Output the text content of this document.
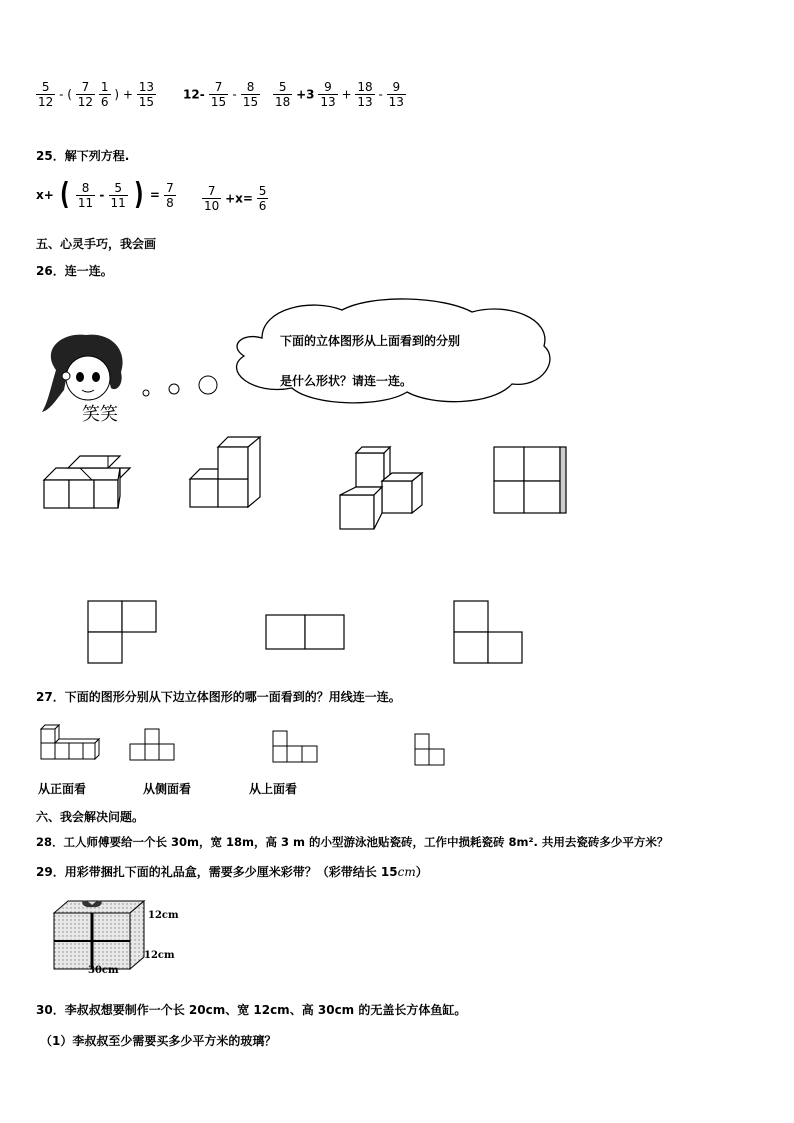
$\frac{5}{12}$ - ( $\frac{7}{12}$
$\frac{1}{6}$ ) + $\frac{13}{15} 12- \frac{7}{15} - \frac{8}{15} \frac{5}{18} +3 \frac{9}{13} + \frac{18}{13} - \frac{9}{13}$
25．解下列方程.
x+ ( $\frac{8}{11} - \frac{5}{11}$ ) = $\frac{7}{8} \frac{7}{10} +x= \frac{5}{6}$
五、心灵手巧，我会画
26．连一连。
笑笑
下面的立体图形从上面看到的分别
是什么形状？请连一连。
27．下面的图形分别从下边立体图形的哪一面看到的？用线连一连。
从正面看	从侧面看	从上面看
六、我会解决问题。
28．工人师傅要给一个长 30m，宽 18m，高 3 m 的小型游泳池贴瓷砖，工作中损耗瓷砖 8m². 共用去瓷砖多少平方米？
29．用彩带捆扎下面的礼品盒，需要多少厘米彩带？（彩带结长 15cm）
12cm
12cm
30cm
30．李叔叔想要制作一个长 20cm、宽 12cm、高 30cm 的无盖长方体鱼缸。
（1）李叔叔至少需要买多少平方米的玻璃？
